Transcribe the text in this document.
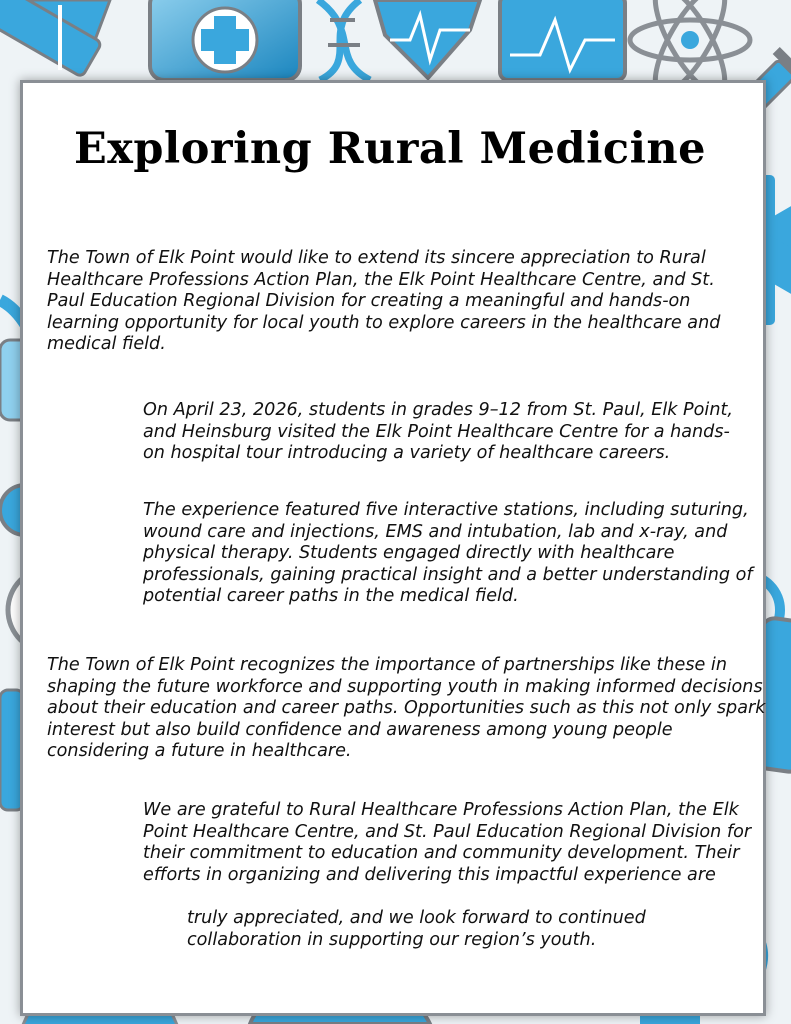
Exploring Rural Medicine

The Town of Elk Point would like to extend its sincere appreciation to Rural Healthcare Professions Action Plan, the Elk Point Healthcare Centre, and St. Paul Education Regional Division for creating a meaningful and hands-on learning opportunity for local youth to explore careers in the healthcare and medical field.

On April 23, 2026, students in grades 9–12 from St. Paul, Elk Point, and Heinsburg visited the Elk Point Healthcare Centre for a hands-on hospital tour introducing a variety of healthcare careers.

The experience featured five interactive stations, including suturing, wound care and injections, EMS and intubation, lab and x-ray, and physical therapy. Students engaged directly with healthcare professionals, gaining practical insight and a better understanding of potential career paths in the medical field.

The Town of Elk Point recognizes the importance of partnerships like these in shaping the future workforce and supporting youth in making informed decisions about their education and career paths. Opportunities such as this not only spark interest but also build confidence and awareness among young people considering a future in healthcare.

We are grateful to Rural Healthcare Professions Action Plan, the Elk Point Healthcare Centre, and St. Paul Education Regional Division for their commitment to education and community development. Their efforts in organizing and delivering this impactful experience are

truly appreciated, and we look forward to continued collaboration in supporting our region’s youth.
